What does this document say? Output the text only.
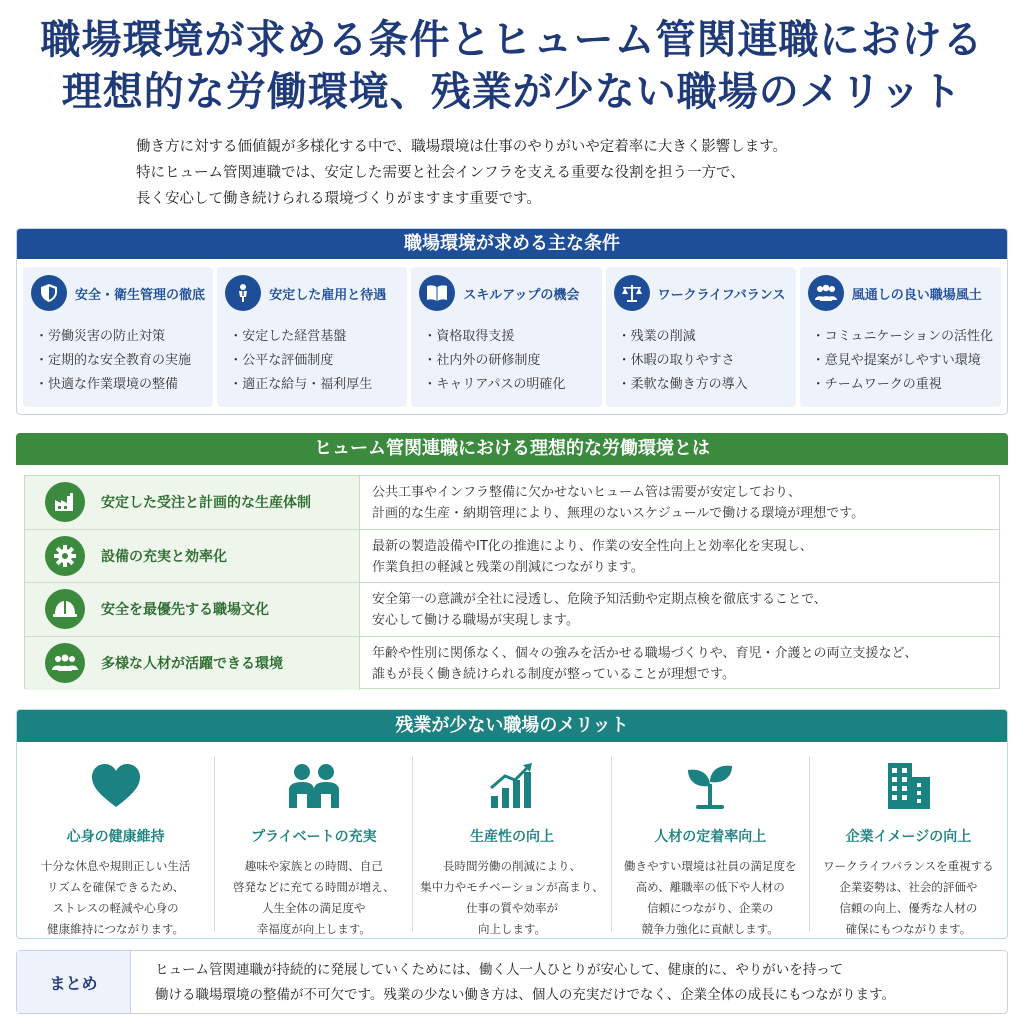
職場環境が求める条件とヒューム管関連職における
理想的な労働環境、残業が少ない職場のメリット
働き方に対する価値観が多様化する中で、職場環境は仕事のやりがいや定着率に大きく影響します。
特にヒューム管関連職では、安定した需要と社会インフラを支える重要な役割を担う一方で、
長く安心して働き続けられる環境づくりがますます重要です。
職場環境が求める主な条件
安全・衛生管理の徹底
・労働災害の防止対策
・定期的な安全教育の実施
・快適な作業環境の整備
安定した雇用と待遇
・安定した経営基盤
・公平な評価制度
・適正な給与・福利厚生
スキルアップの機会
・資格取得支援
・社内外の研修制度
・キャリアパスの明確化
ワークライフバランス
・残業の削減
・休暇の取りやすさ
・柔軟な働き方の導入
風通しの良い職場風土
・コミュニケーションの活性化
・意見や提案がしやすい環境
・チームワークの重視
ヒューム管関連職における理想的な労働環境とは
安定した受注と計画的な生産体制
公共工事やインフラ整備に欠かせないヒューム管は需要が安定しており、
計画的な生産・納期管理により、無理のないスケジュールで働ける環境が理想です。
設備の充実と効率化
最新の製造設備やIT化の推進により、作業の安全性向上と効率化を実現し、
作業負担の軽減と残業の削減につながります。
安全を最優先する職場文化
安全第一の意識が全社に浸透し、危険予知活動や定期点検を徹底することで、
安心して働ける職場が実現します。
多様な人材が活躍できる環境
年齢や性別に関係なく、個々の強みを活かせる職場づくりや、育児・介護との両立支援など、
誰もが長く働き続けられる制度が整っていることが理想です。
残業が少ない職場のメリット
心身の健康維持
十分な休息や規則正しい生活
リズムを確保できるため、
ストレスの軽減や心身の
健康維持につながります。
プライベートの充実
趣味や家族との時間、自己
啓発などに充てる時間が増え、
人生全体の満足度や
幸福度が向上します。
生産性の向上
長時間労働の削減により、
集中力やモチベーションが高まり、
仕事の質や効率が
向上します。
人材の定着率向上
働きやすい環境は社員の満足度を
高め、離職率の低下や人材の
信頼につながり、企業の
競争力強化に貢献します。
企業イメージの向上
ワークライフバランスを重視する
企業姿勢は、社会的評価や
信頼の向上、優秀な人材の
確保にもつながります。
まとめ
ヒューム管関連職が持続的に発展していくためには、働く人一人ひとりが安心して、健康的に、やりがいを持って
働ける職場環境の整備が不可欠です。残業の少ない働き方は、個人の充実だけでなく、企業全体の成長にもつながります。
